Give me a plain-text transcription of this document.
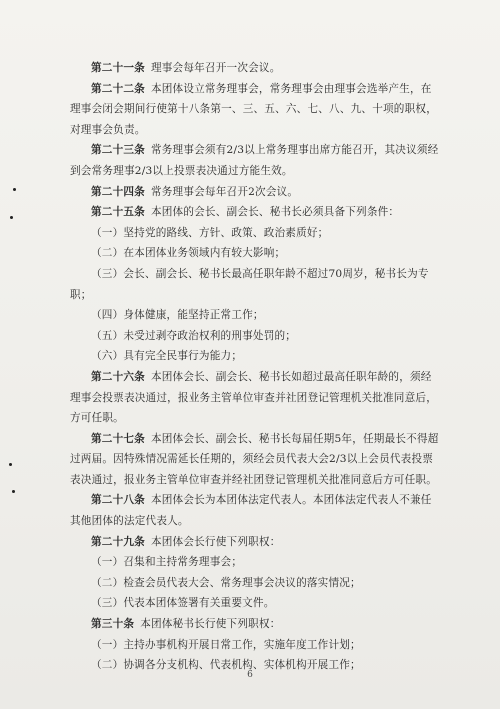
第二十一条 理事会每年召开一次会议。

第二十二条 本团体设立常务理事会，常务理事会由理事会选举产生，在理事会闭会期间行使第十八条第一、三、五、六、七、八、九、十项的职权，对理事会负责。

第二十三条 常务理事会须有2/3以上常务理事出席方能召开，其决议须经到会常务理事2/3以上投票表决通过方能生效。

第二十四条 常务理事会每年召开2次会议。

第二十五条 本团体的会长、副会长、秘书长必须具备下列条件：

（一）坚持党的路线、方针、政策、政治素质好；

（二）在本团体业务领域内有较大影响；

（三）会长、副会长、秘书长最高任职年龄不超过70周岁，秘书长为专职；

（四）身体健康，能坚持正常工作；

（五）未受过剥夺政治权利的刑事处罚的；

（六）具有完全民事行为能力；

第二十六条 本团体会长、副会长、秘书长如超过最高任职年龄的，须经理事会投票表决通过，报业务主管单位审查并社团登记管理机关批准同意后，方可任职。

第二十七条 本团体会长、副会长、秘书长每届任期5年，任期最长不得超过两届。因特殊情况需延长任期的，须经会员代表大会2/3以上会员代表投票表决通过，报业务主管单位审查并经社团登记管理机关批准同意后方可任职。

第二十八条 本团体会长为本团体法定代表人。本团体法定代表人不兼任其他团体的法定代表人。

第二十九条 本团体会长行使下列职权：

（一）召集和主持常务理事会；

（二）检查会员代表大会、常务理事会决议的落实情况；

（三）代表本团体签署有关重要文件。

第三十条 本团体秘书长行使下列职权：

（一）主持办事机构开展日常工作，实施年度工作计划；

（二）协调各分支机构、代表机构、实体机构开展工作；

6
